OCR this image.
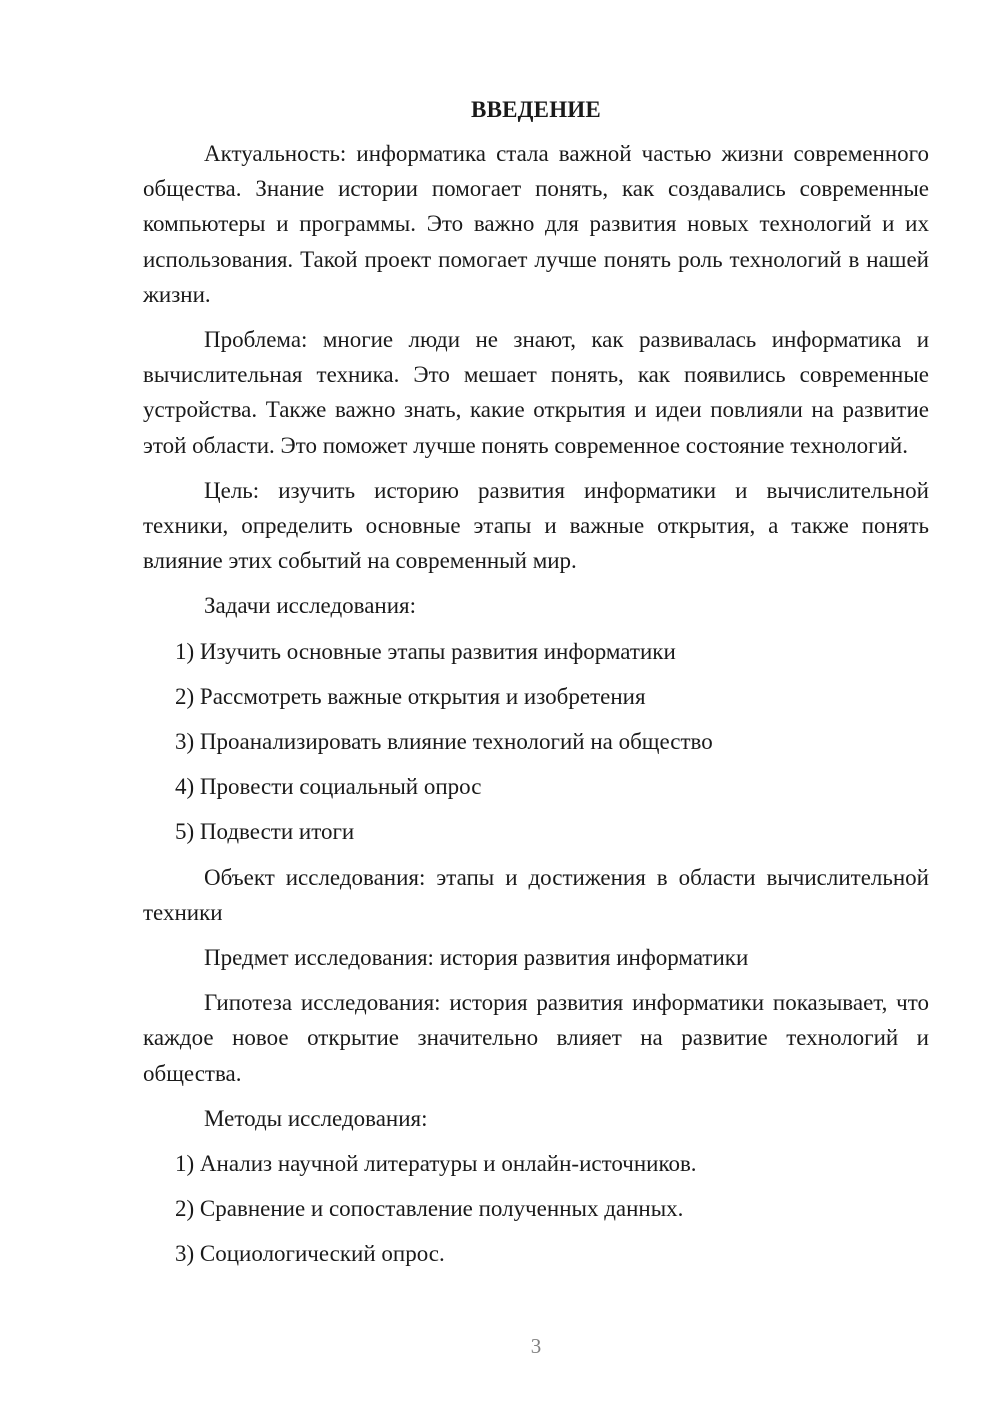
ВВЕДЕНИЕ

Актуальность: информатика стала важной частью жизни современного общества. Знание истории помогает понять, как создавались современные компьютеры и программы. Это важно для развития новых технологий и их использования. Такой проект помогает лучше понять роль технологий в нашей жизни.

Проблема: многие люди не знают, как развивалась информатика и вычислительная техника. Это мешает понять, как появились современные устройства. Также важно знать, какие открытия и идеи повлияли на развитие этой области. Это поможет лучше понять современное состояние технологий.

Цель: изучить историю развития информатики и вычислительной техники, определить основные этапы и важные открытия, а также понять влияние этих событий на современный мир.

Задачи исследования:

1) Изучить основные этапы развития информатики

2) Рассмотреть важные открытия и изобретения

3) Проанализировать влияние технологий на общество

4) Провести социальный опрос

5) Подвести итоги

Объект исследования: этапы и достижения в области вычислительной техники

Предмет исследования: история развития информатики

Гипотеза исследования: история развития информатики показывает, что каждое новое открытие значительно влияет на развитие технологий и общества.

Методы исследования:

1) Анализ научной литературы и онлайн-источников.

2) Сравнение и сопоставление полученных данных.

3) Социологический опрос.

3
